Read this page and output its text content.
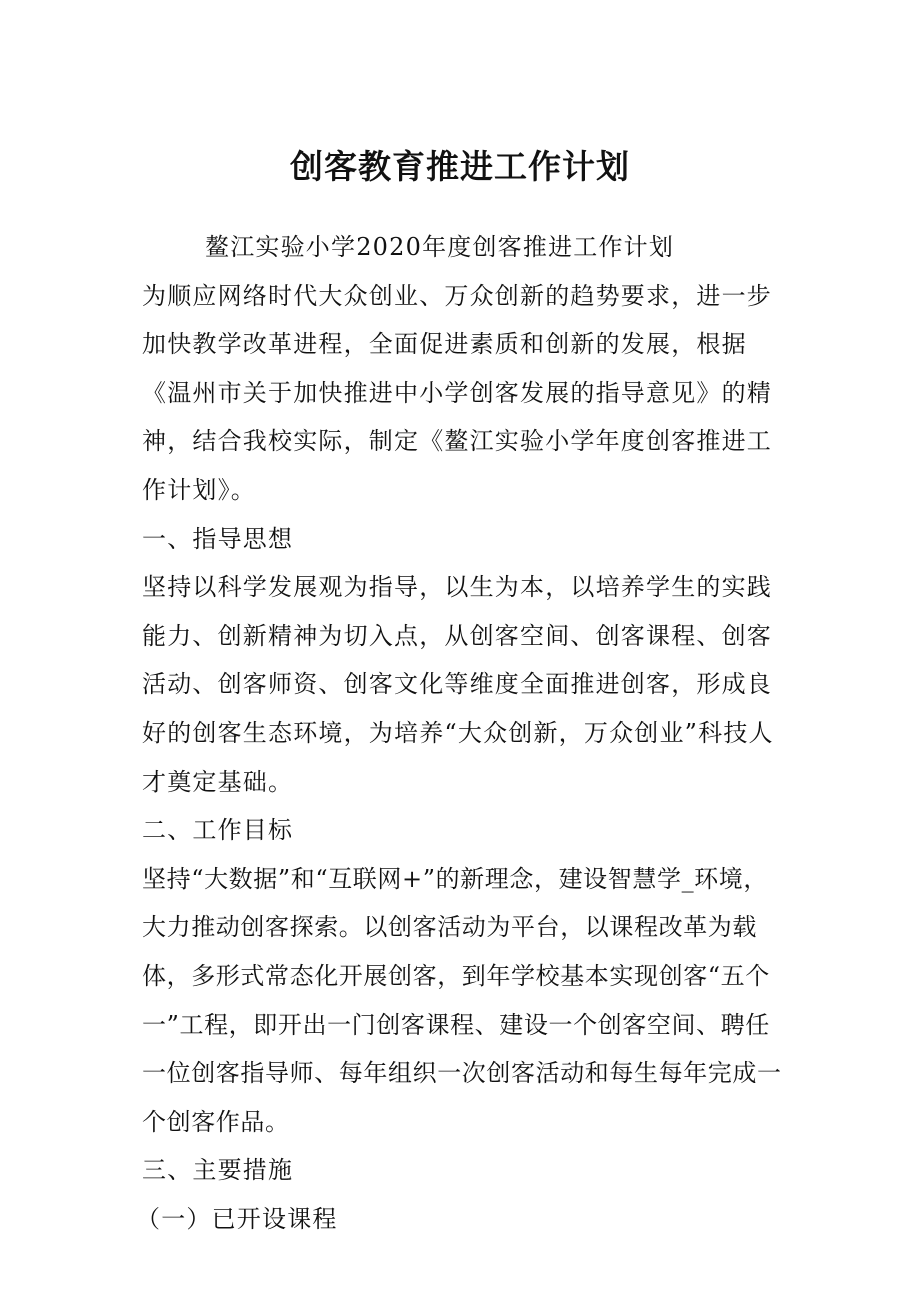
创客教育推进工作计划

鳌江实验小学2020年度创客推进工作计划

为顺应网络时代大众创业、万众创新的趋势要求，进一步加快教学改革进程，全面促进素质和创新的发展，根据《温州市关于加快推进中小学创客发展的指导意见》的精神，结合我校实际，制定《鳌江实验小学年度创客推进工作计划》。

一、指导思想

坚持以科学发展观为指导，以生为本，以培养学生的实践能力、创新精神为切入点，从创客空间、创客课程、创客活动、创客师资、创客文化等维度全面推进创客，形成良好的创客生态环境，为培养“大众创新，万众创业”科技人才奠定基础。

二、工作目标

坚持“大数据”和“互联网+”的新理念，建设智慧学_环境，大力推动创客探索。以创客活动为平台，以课程改革为载体，多形式常态化开展创客，到年学校基本实现创客“五个一”工程，即开出一门创客课程、建设一个创客空间、聘任一位创客指导师、每年组织一次创客活动和每生每年完成一个创客作品。

三、主要措施

（一）已开设课程
